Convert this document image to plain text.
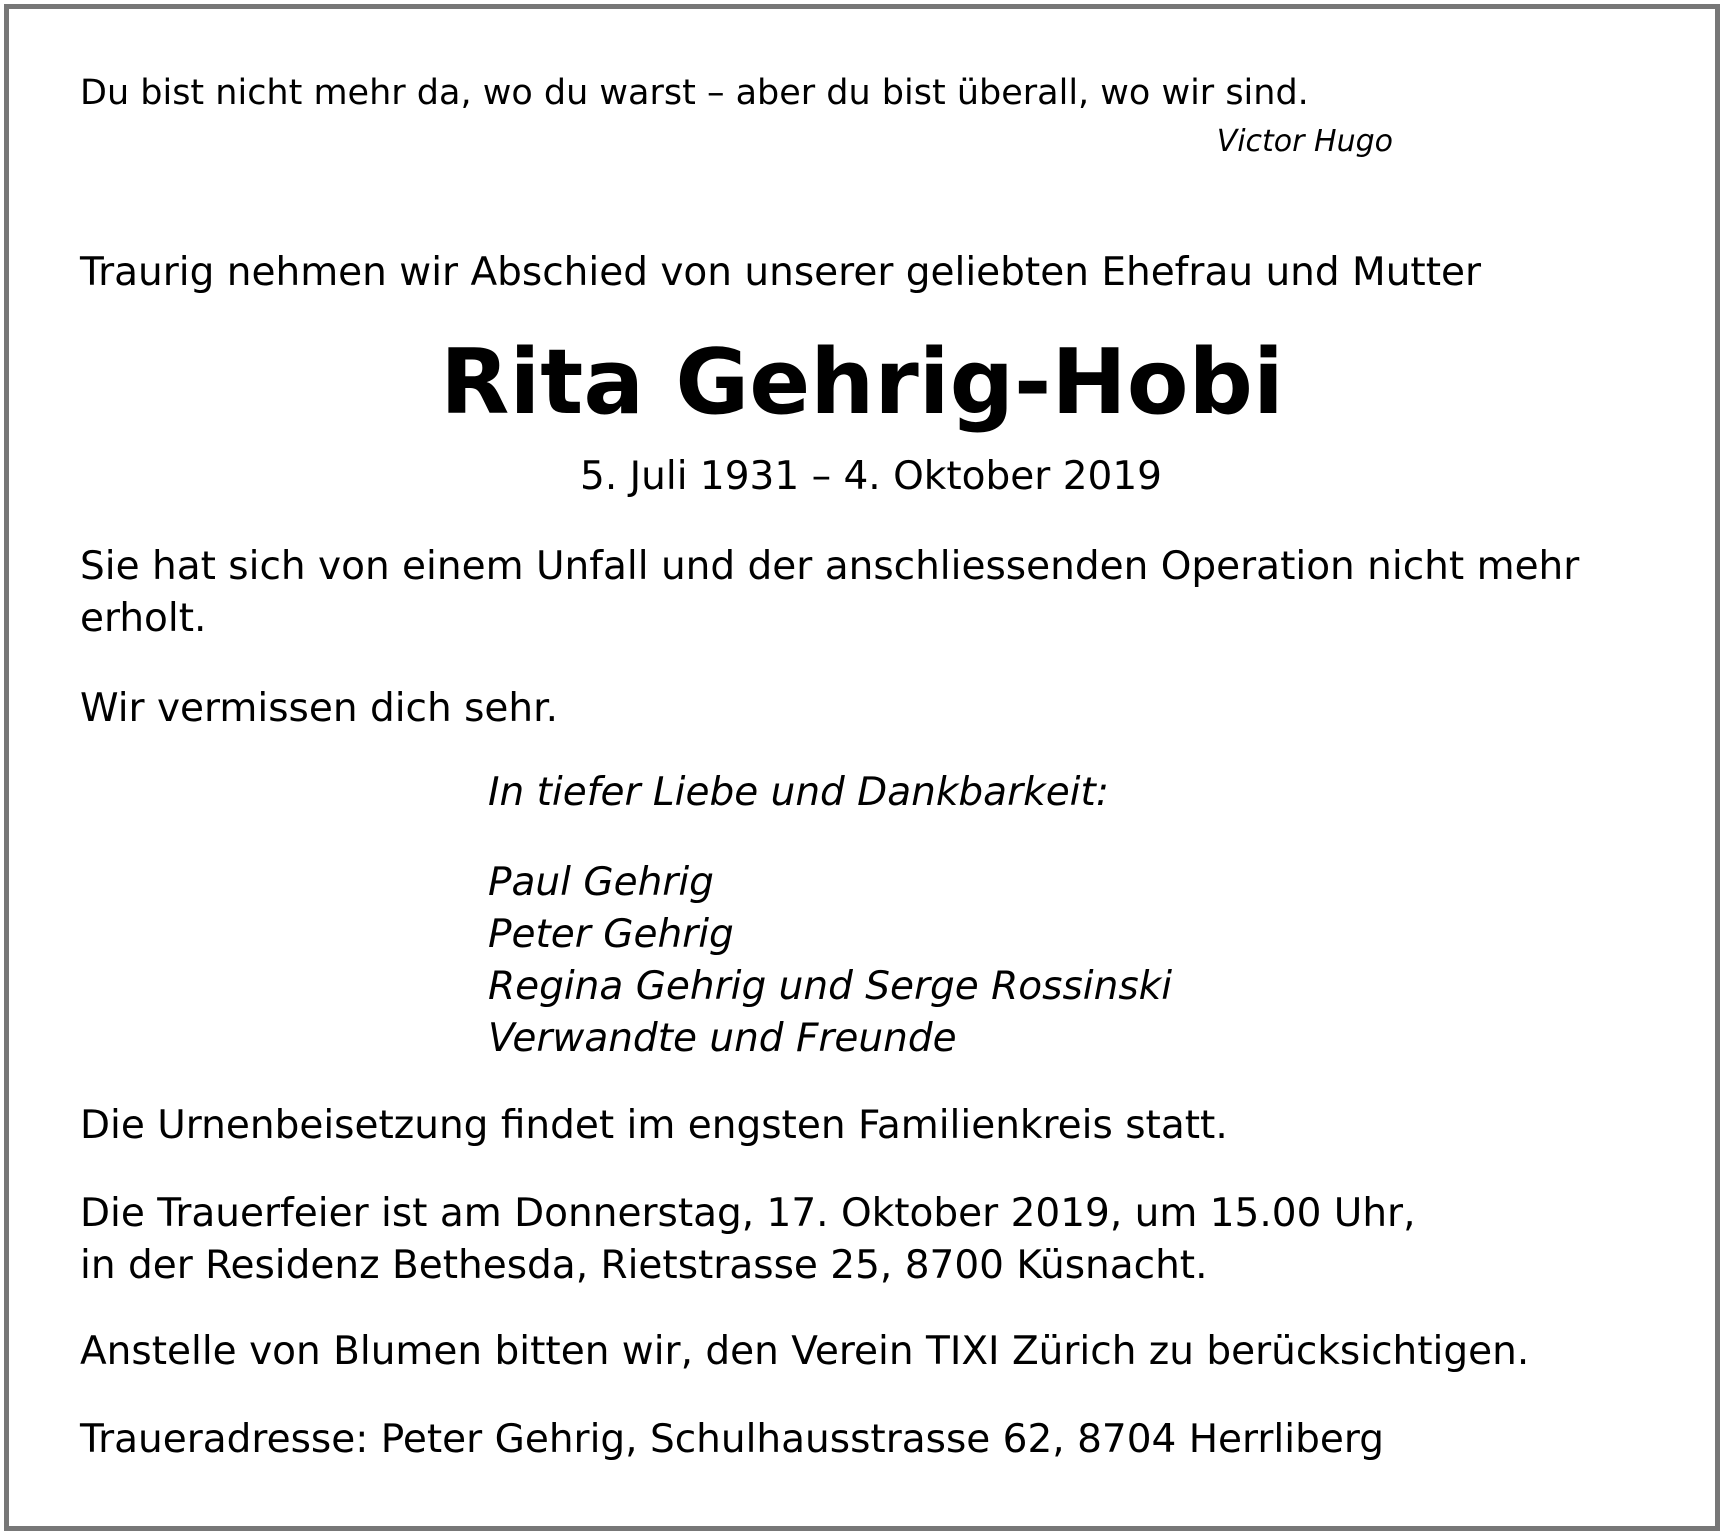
Du bist nicht mehr da, wo du warst – aber du bist überall, wo wir sind.

Victor Hugo

Traurig nehmen wir Abschied von unserer geliebten Ehefrau und Mutter

Rita Gehrig-Hobi

5. Juli 1931 – 4. Oktober 2019

Sie hat sich von einem Unfall und der anschliessenden Operation nicht mehr
erholt.

Wir vermissen dich sehr.

In tiefer Liebe und Dankbarkeit:

Paul Gehrig
Peter Gehrig
Regina Gehrig und Serge Rossinski
Verwandte und Freunde

Die Urnenbeisetzung findet im engsten Familienkreis statt.

Die Trauerfeier ist am Donnerstag, 17. Oktober 2019, um 15.00 Uhr,
in der Residenz Bethesda, Rietstrasse 25, 8700 Küsnacht.

Anstelle von Blumen bitten wir, den Verein TIXI Zürich zu berücksichtigen.

Traueradresse: Peter Gehrig, Schulhausstrasse 62, 8704 Herrliberg
